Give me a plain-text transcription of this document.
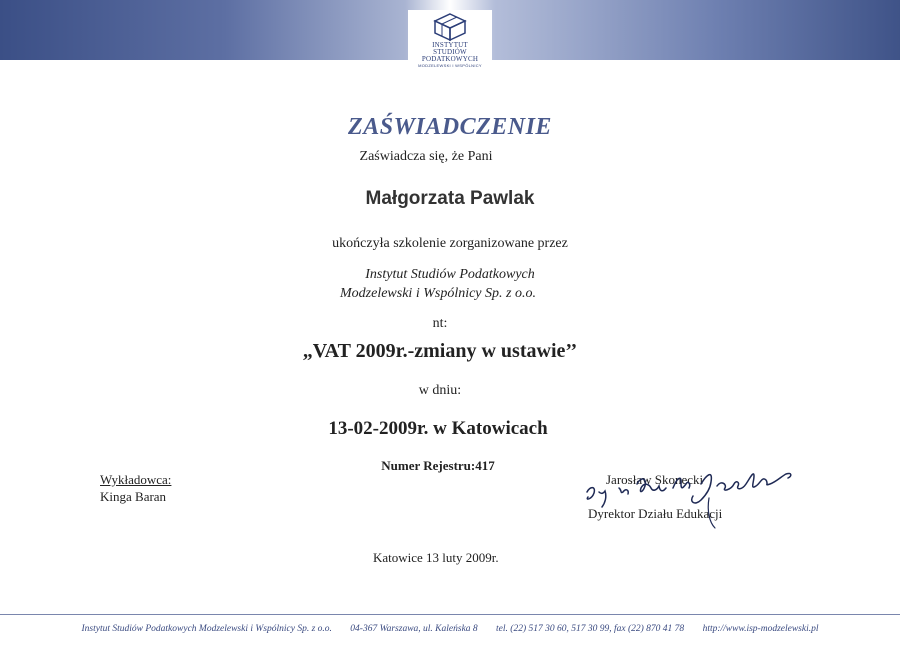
INSTYTUT
STUDIÓW
PODATKOWYCH
MODZELEWSKI I WSPÓLNICY
ZAŚWIADCZENIE
Zaświadcza się, że Pani
Małgorzata Pawlak
ukończyła szkolenie zorganizowane przez
Instytut Studiów Podatkowych
Modzelewski i Wspólnicy Sp. z o.o.
nt:
„VAT 2009r.-zmiany w ustawie’’
w dniu:
13-02-2009r. w Katowicach
Numer Rejestru:417
Wykładowca:
Kinga Baran
Jarosław Skonecki
Dyrektor Działu Edukacji
Katowice 13 luty 2009r.
Instytut Studiów Podatkowych Modzelewski i Wspólnicy Sp. z o.o. 04-367 Warszawa, ul. Kaleńska 8 tel. (22) 517 30 60, 517 30 99, fax (22) 870 41 78 http://www.isp-modzelewski.pl
